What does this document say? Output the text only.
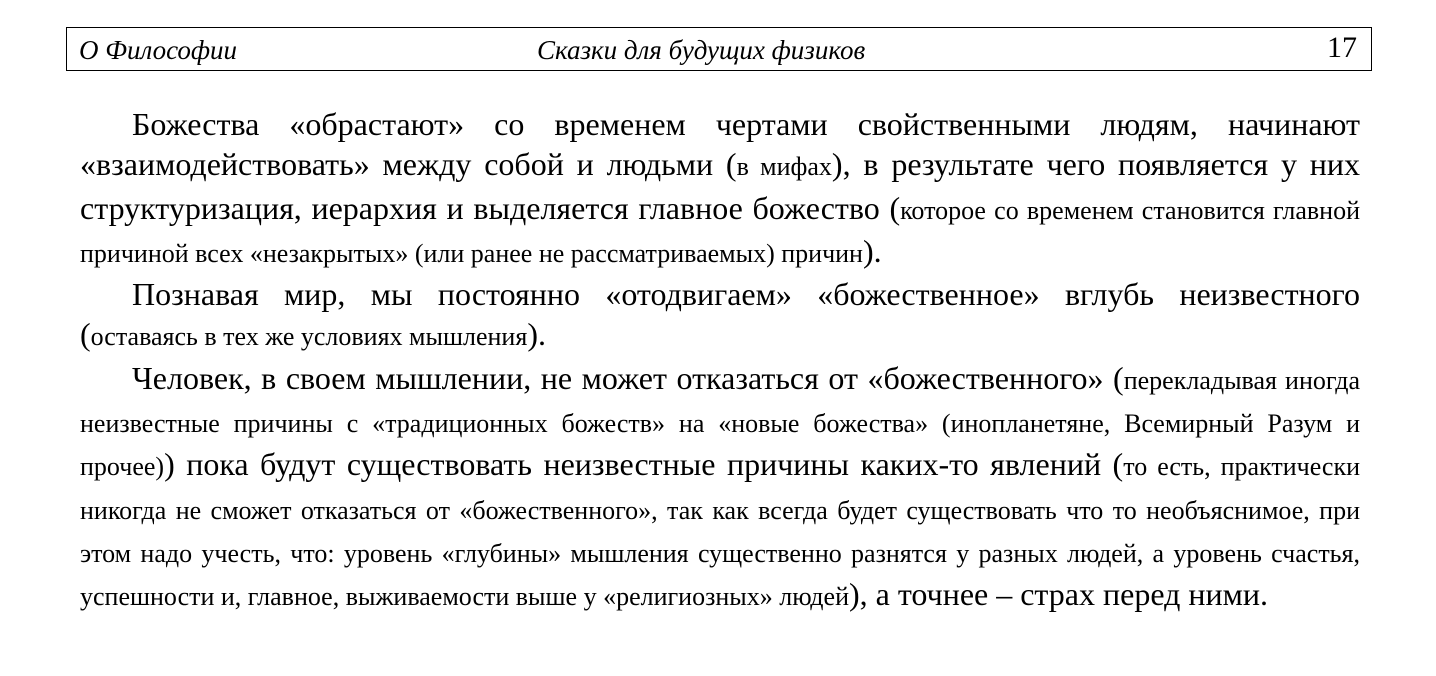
О Философии	Сказки для будущих физиков	17

Божества «обрастают» со временем чертами свойственными людям, начинают «взаимодействовать» между собой и людьми (в мифах), в результате чего появляется у них структуризация, иерархия и выделяется главное божество (которое со временем становится главной причиной всех «незакрытых» (или ранее не рассматриваемых) причин).

Познавая мир, мы постоянно «отодвигаем» «божественное» вглубь неизвестного (оставаясь в тех же условиях мышления).

Человек, в своем мышлении, не может отказаться от «божественного» (перекладывая иногда неизвестные причины с «традиционных божеств» на «новые божества» (инопланетяне, Всемирный Разум и прочее)) пока будут существовать неизвестные причины каких-то явлений (то есть, практически никогда не сможет отказаться от «божественного», так как всегда будет существовать что то необъяснимое, при этом надо учесть, что: уровень «глубины» мышления существенно разнятся у разных людей, а уровень счастья, успешности и, главное, выживаемости выше у «религиозных» людей), а точнее – страх перед ними.
